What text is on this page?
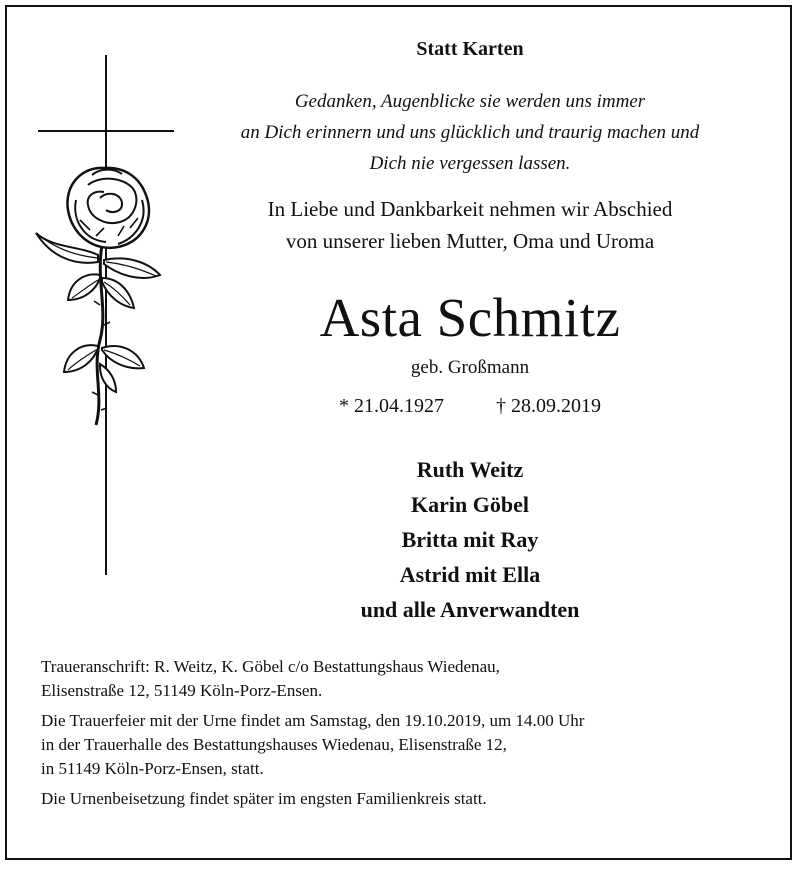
Statt Karten
Gedanken, Augenblicke sie werden uns immer
an Dich erinnern und uns glücklich und traurig machen und
Dich nie vergessen lassen.
In Liebe und Dankbarkeit nehmen wir Abschied
von unserer lieben Mutter, Oma und Uroma
Asta Schmitz
geb. Großmann
* 21.04.1927	† 28.09.2019
Ruth Weitz
Karin Göbel
Britta mit Ray
Astrid mit Ella
und alle Anverwandten

Traueranschrift: R. Weitz, K. Göbel c/o Bestattungshaus Wiedenau,
Elisenstraße 12, 51149 Köln-Porz-Ensen.

Die Trauerfeier mit der Urne findet am Samstag, den 19.10.2019, um 14.00 Uhr
in der Trauerhalle des Bestattungshauses Wiedenau, Elisenstraße 12,
in 51149 Köln-Porz-Ensen, statt.

Die Urnenbeisetzung findet später im engsten Familienkreis statt.
